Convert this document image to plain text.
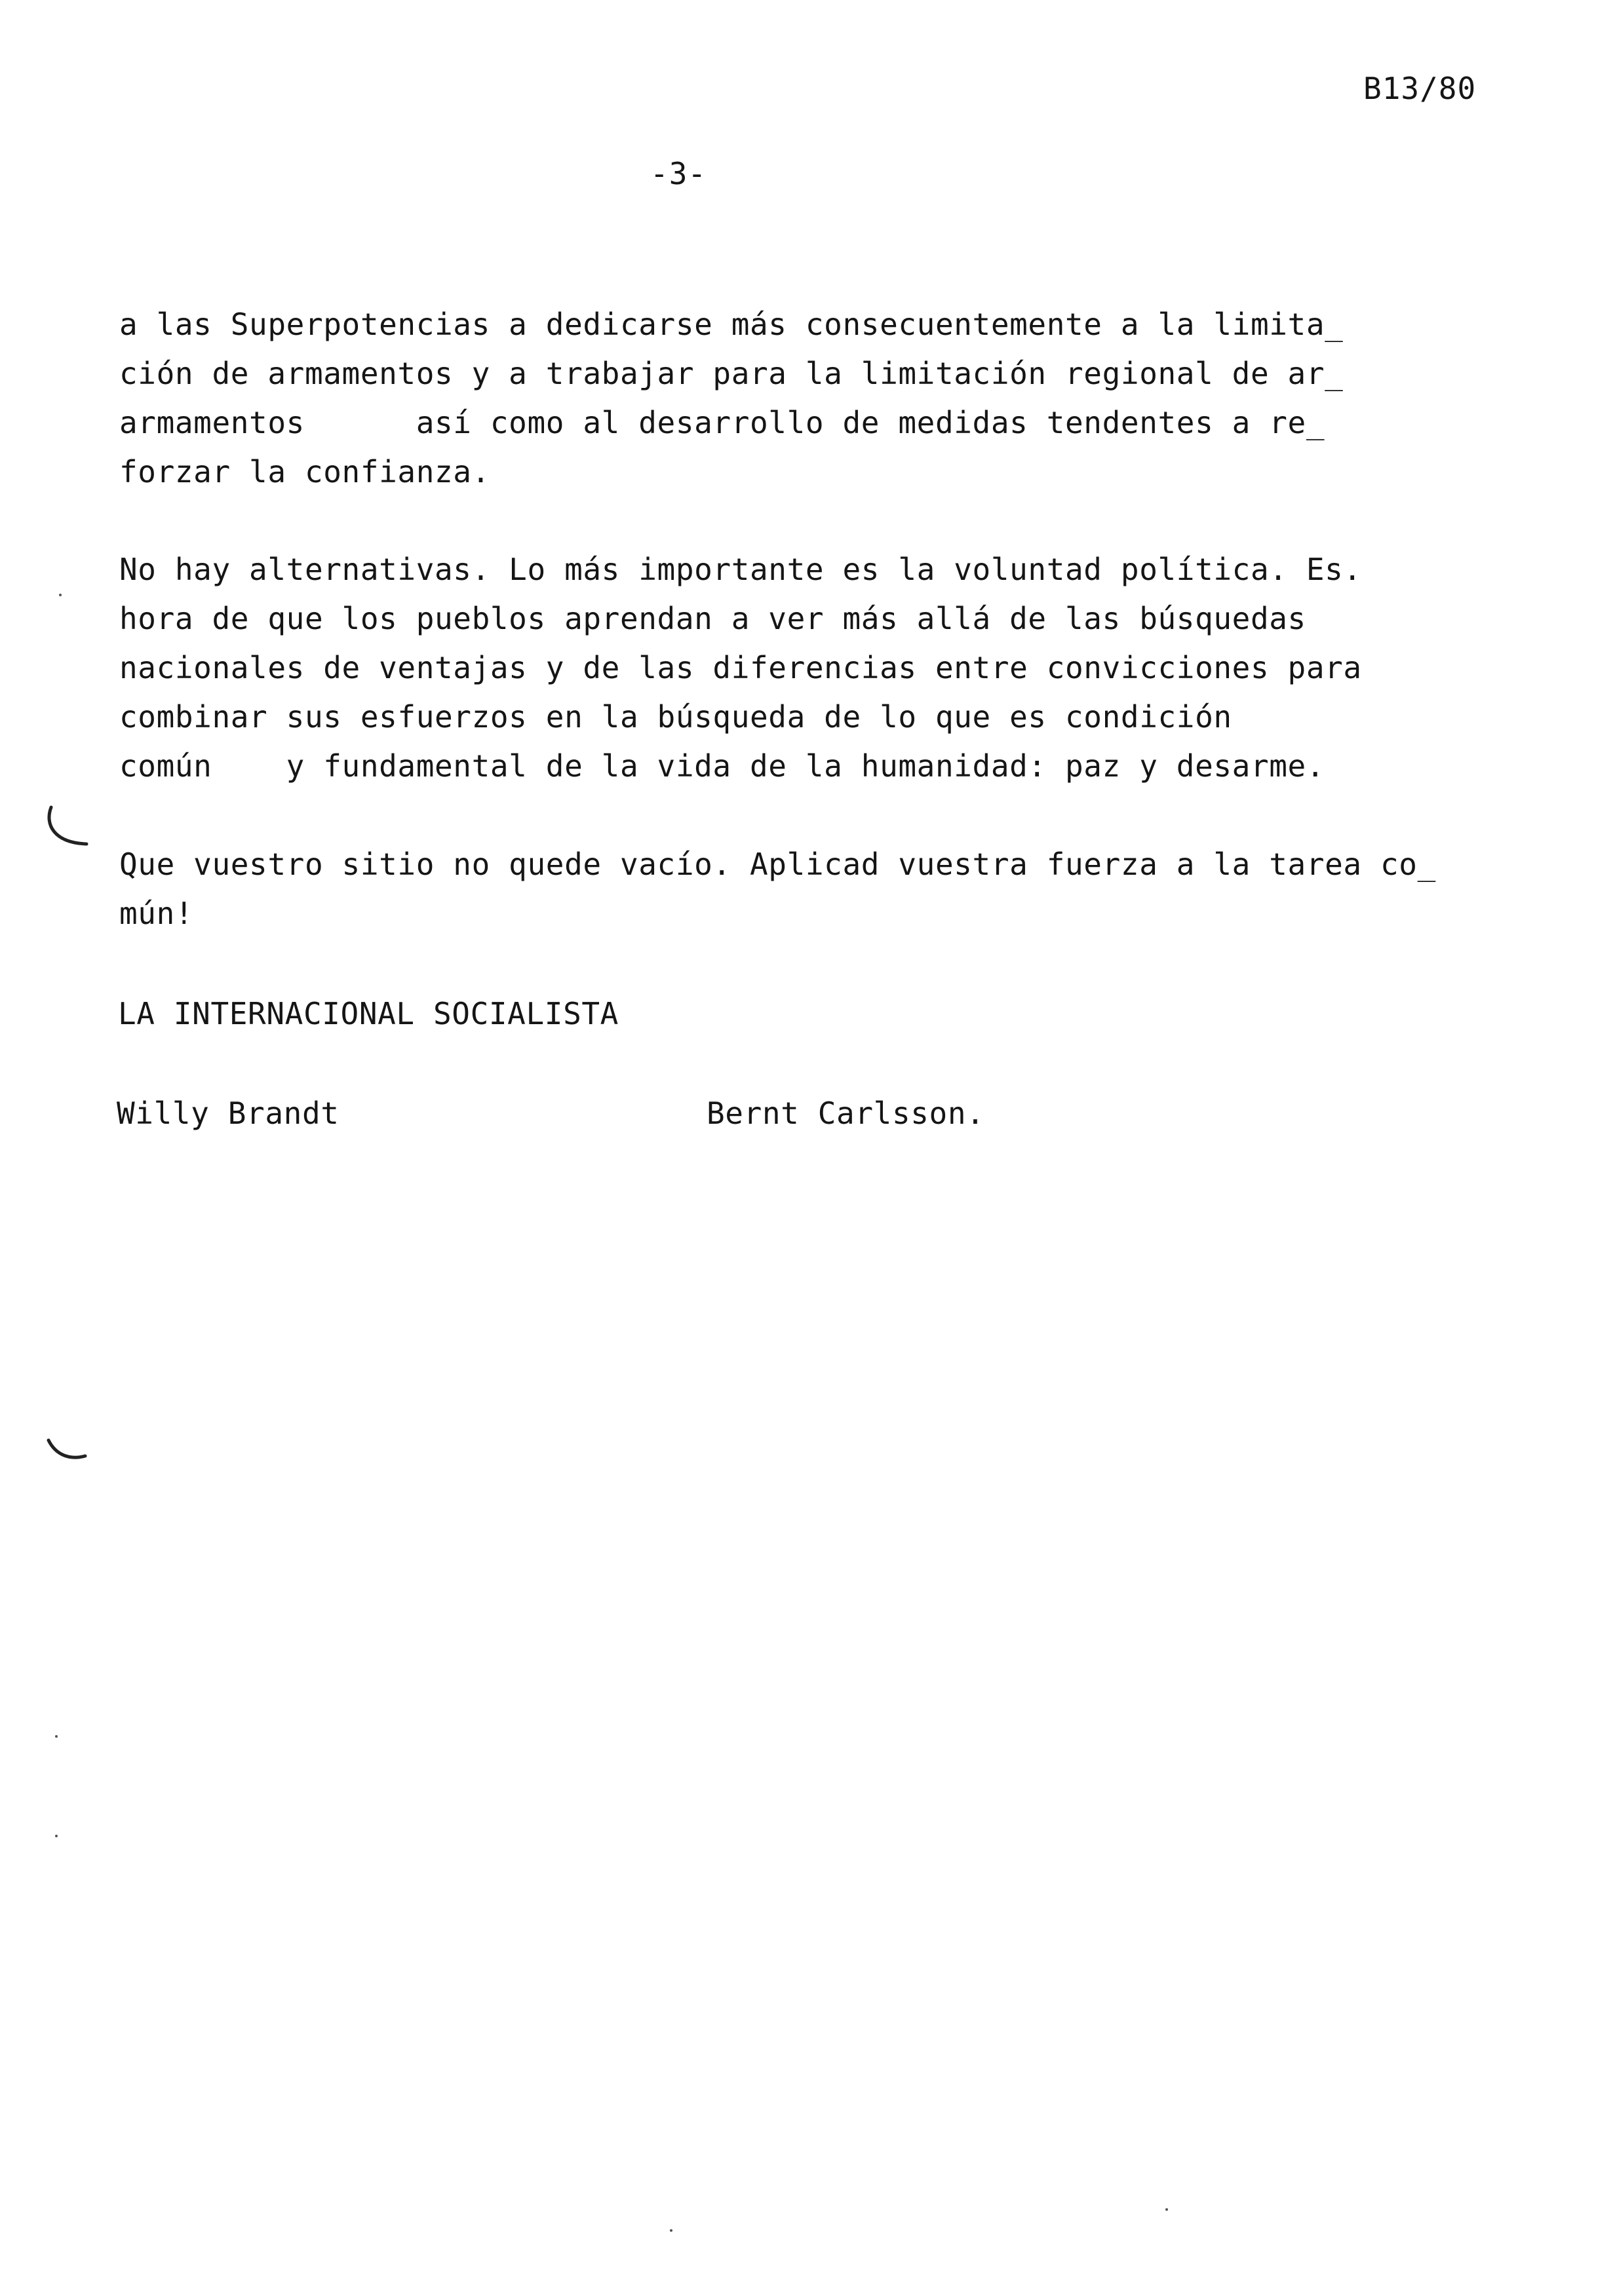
B13/80
-3-
a las Superpotencias a dedicarse más consecuentemente a la limita_
ción de armamentos y a trabajar para la limitación regional de ar_
armamentos      así como al desarrollo de medidas tendentes a re_
forzar la confianza.
No hay alternativas. Lo más importante es la voluntad política. Es.
hora de que los pueblos aprendan a ver más allá de las búsquedas
nacionales de ventajas y de las diferencias entre convicciones para
combinar sus esfuerzos en la búsqueda de lo que es condición
común    y fundamental de la vida de la humanidad: paz y desarme.
Que vuestro sitio no quede vacío. Aplicad vuestra fuerza a la tarea co_
mún!
LA INTERNACIONAL SOCIALISTA
Willy Brandt	Bernt Carlsson.
